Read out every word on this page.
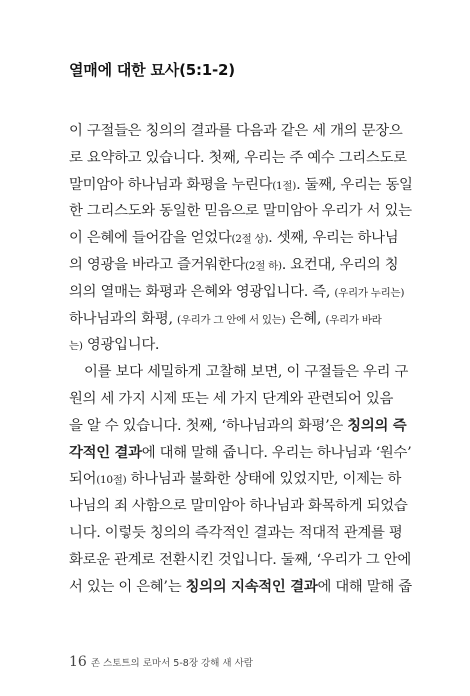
열매에 대한 묘사(5:1-2)
이 구절들은 칭의의 결과를 다음과 같은 세 개의 문장으
로 요약하고 있습니다. 첫째, 우리는 주 예수 그리스도로
말미암아 하나님과 화평을 누린다(1절). 둘째, 우리는 동일
한 그리스도와 동일한 믿음으로 말미암아 우리가 서 있는
이 은혜에 들어감을 얻었다(2절 상). 셋째, 우리는 하나님
의 영광을 바라고 즐거워한다(2절 하). 요컨대, 우리의 칭
의의 열매는 화평과 은혜와 영광입니다. 즉, (우리가 누리는)
하나님과의 화평, (우리가 그 안에 서 있는) 은혜, (우리가 바라
는) 영광입니다.
이를 보다 세밀하게 고찰해 보면, 이 구절들은 우리 구
원의 세 가지 시제 또는 세 가지 단계와 관련되어 있음
을 알 수 있습니다. 첫째, ‘하나님과의 화평’은 칭의의 즉
각적인 결과에 대해 말해 줍니다. 우리는 하나님과 ‘원수’
되어(10절) 하나님과 불화한 상태에 있었지만, 이제는 하
나님의 죄 사함으로 말미암아 하나님과 화목하게 되었습
니다. 이렇듯 칭의의 즉각적인 결과는 적대적 관계를 평
화로운 관계로 전환시킨 것입니다. 둘째, ‘우리가 그 안에
서 있는 이 은혜’는 칭의의 지속적인 결과에 대해 말해 줍
16 존 스토트의 로마서 5-8장 강해 새 사람
